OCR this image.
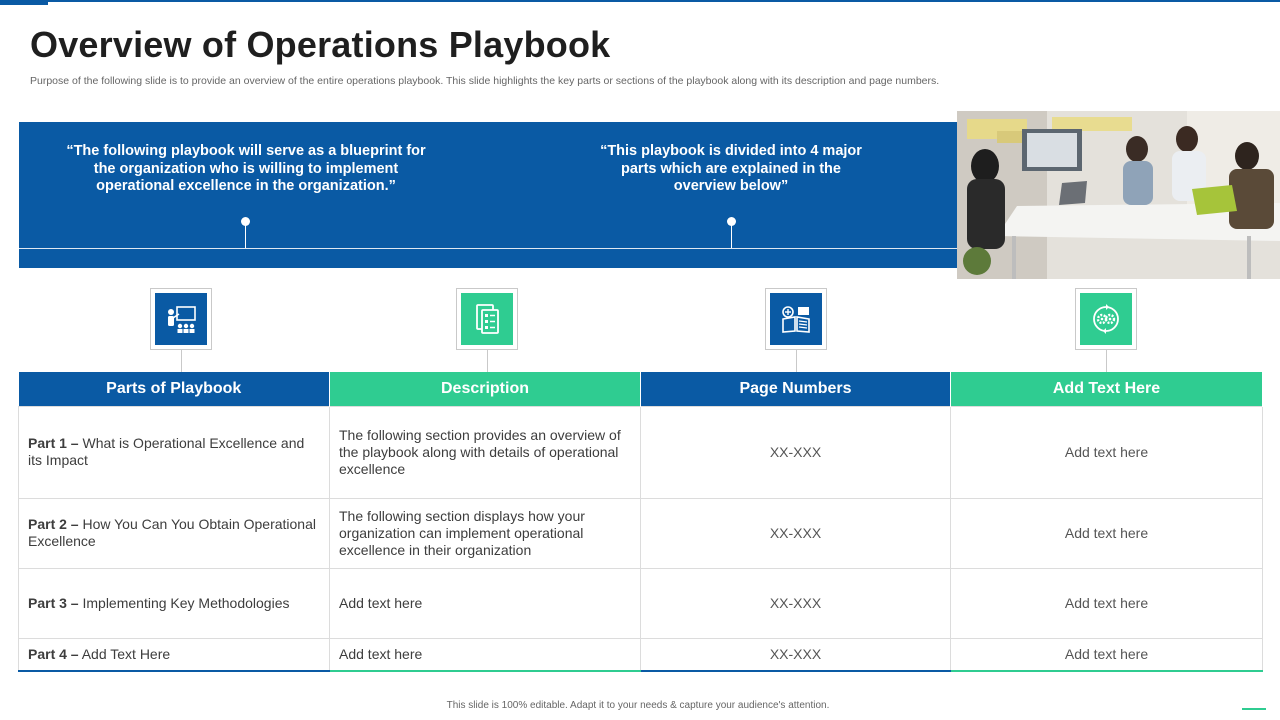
Overview of Operations Playbook
Purpose of the following slide is to provide an overview of the entire operations playbook. This slide highlights the key parts or sections of the playbook along with its description and page numbers.
“The following playbook will serve as a blueprint for the organization who is willing to implement operational excellence in the organization.”
“This playbook is divided into 4 major parts which are explained in the overview below”
Parts of Playbook	Description	Page Numbers	Add Text Here
Part 1 – What is Operational Excellence and its Impact	The following section provides an overview of the playbook along with details of operational excellence	XX-XXX	Add text here
Part 2 – How You Can You Obtain Operational Excellence	The following section displays how your organization can implement operational excellence in their organization	XX-XXX	Add text here
Part 3 – Implementing Key Methodologies	Add text here	XX-XXX	Add text here
Part 4 – Add Text Here	Add text here	XX-XXX	Add text here
This slide is 100% editable. Adapt it to your needs & capture your audience's attention.
